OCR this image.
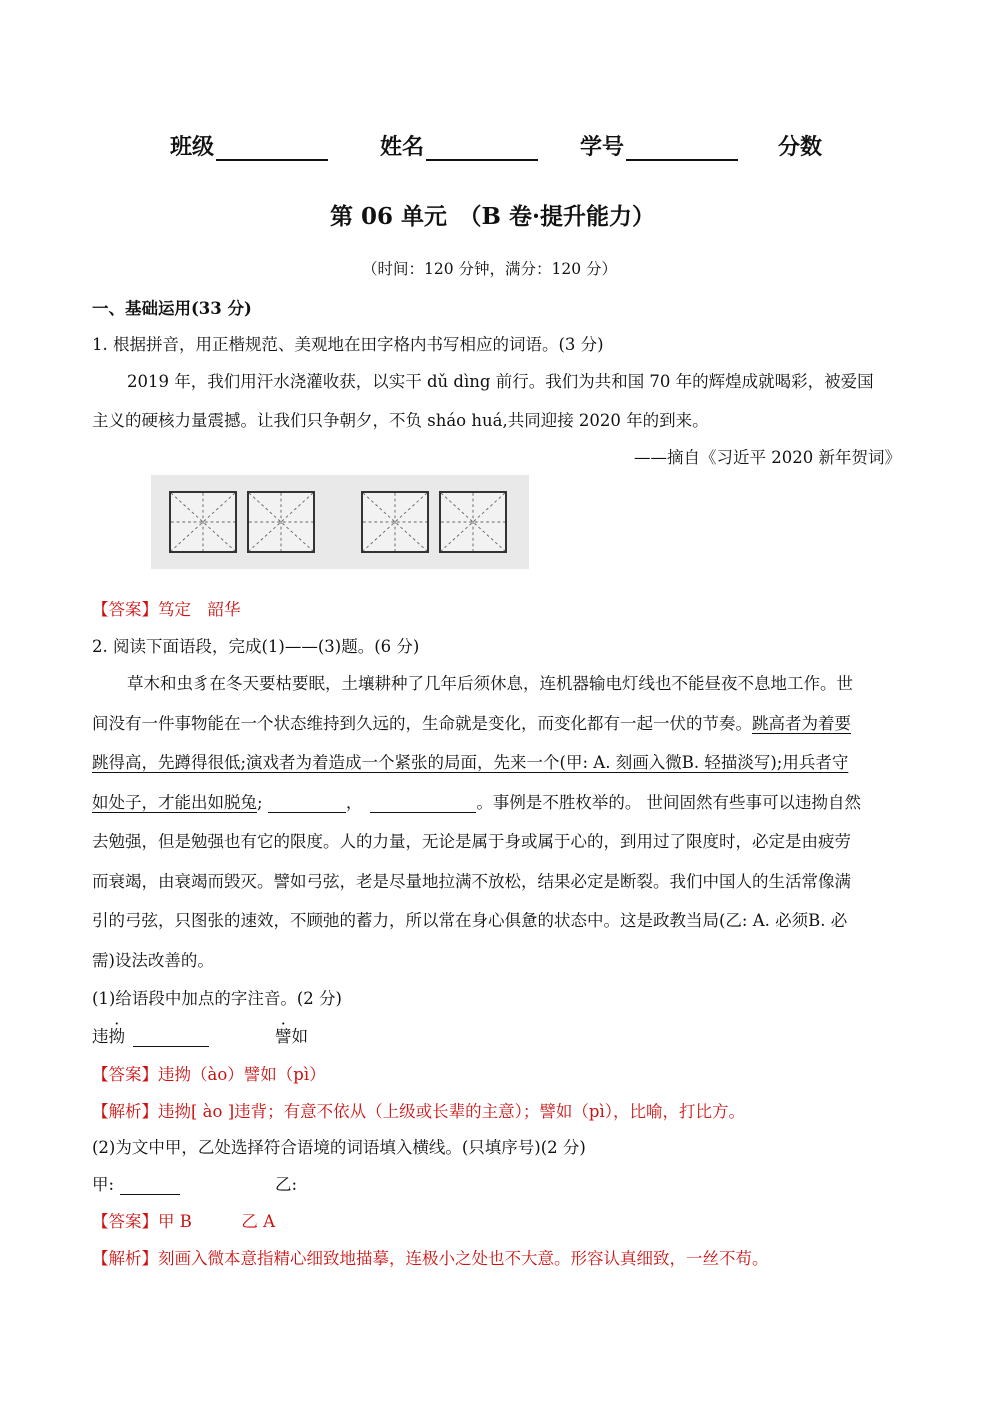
班级	姓名	学号	分数
第 06 单元　（B 卷·提升能力）
（时间：120 分钟，满分：120 分）
一、基础运用(33 分)
1. 根据拼音，用正楷规范、美观地在田字格内书写相应的词语。(3 分)
2019 年，我们用汗水浇灌收获，以实干 dǔ dìng 前行。我们为共和国 70 年的辉煌成就喝彩，被爱国
主义的硬核力量震撼。让我们只争朝夕，不负 sháo huá,共同迎接 2020 年的到来。
——摘自《习近平 2020 新年贺词》
【答案】笃定　韶华
2. 阅读下面语段，完成(1)——(3)题。(6 分)
草木和虫豸在冬天要枯要眠，土壤耕种了几年后须休息，连机器输电灯线也不能昼夜不息地工作。世
间没有一件事物能在一个状态维持到久远的，生命就是变化，而变化都有一起一伏的节奏。跳高者为着要
跳得高，先蹲得很低;演戏者为着造成一个紧张的局面，先来一个(甲: A. 刻画入微B. 轻描淡写);用兵者守
如处子，才能出如脱兔;	，	。事例是不胜枚举的。 世间固然有些事可以违拗自然
去勉强，但是勉强也有它的限度。人的力量，无论是属于身或属于心的，到用过了限度时，必定是由疲劳
而衰竭，由衰竭而毁灭。譬如弓弦，老是尽量地拉满不放松，结果必定是断裂。我们中国人的生活常像满
引的弓弦，只图张的速效，不顾弛的蓄力，所以常在身心俱惫的状态中。这是政教当局(乙: A. 必须B. 必
需)设法改善的。
(1)给语段中加点的字注音。(2 分)
违拗	譬如
【答案】违拗（ào）譬如（pì）
【解析】违拗[ ào ]违背；有意不依从（上级或长辈的主意）；譬如（pì），比喻，打比方。
(2)为文中甲，乙处选择符合语境的词语填入横线。(只填序号)(2 分)
甲:	乙:
【答案】甲 B　　　乙 A
【解析】刻画入微本意指精心细致地描摹，连极小之处也不大意。形容认真细致，一丝不苟。
